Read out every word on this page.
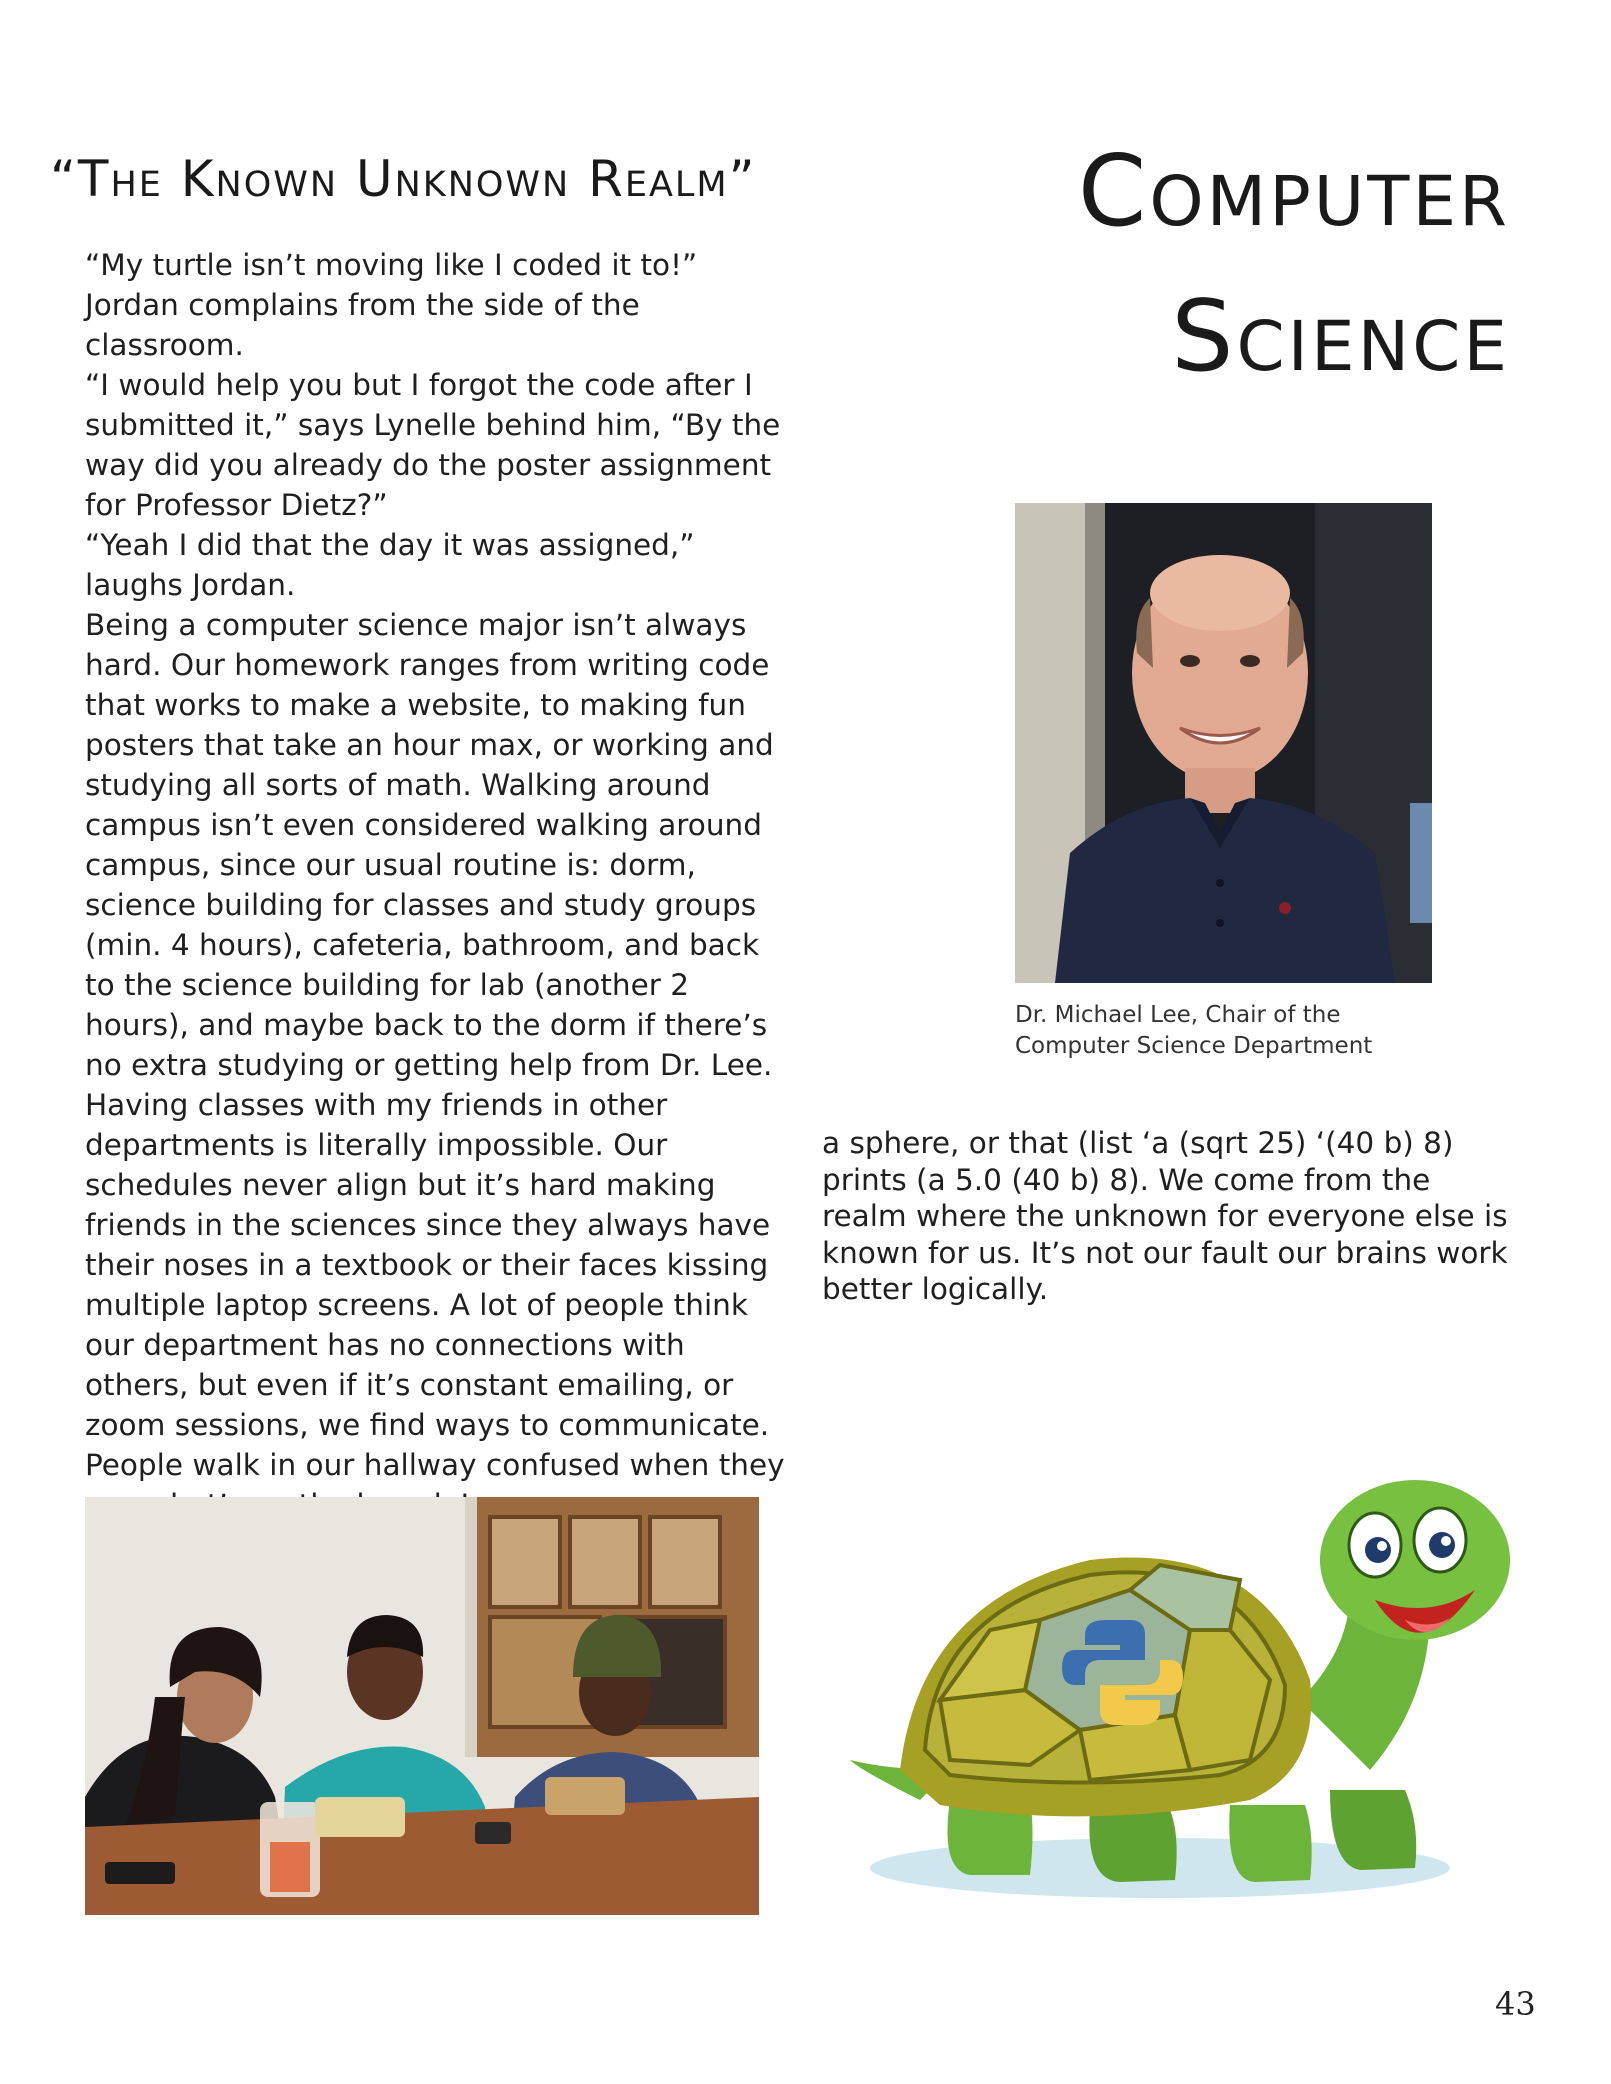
“The Known Unknown Realm”	Computer
Science

“My turtle isn’t moving like I coded it to!” Jordan complains from the side of the classroom.

“I would help you but I forgot the code after I submitted it,” says Lynelle behind him, “By the way did you already do the poster assignment for Professor Dietz?”

“Yeah I did that the day it was assigned,” laughs Jordan.

Being a computer science major isn’t always hard. Our homework ranges from writing code that works to make a website, to making fun posters that take an hour max, or working and studying all sorts of math. Walking around campus isn’t even considered walking around campus, since our usual routine is: dorm, science building for classes and study groups (min. 4 hours), cafeteria, bathroom, and back to the science building for lab (another 2 hours), and maybe back to the dorm if there’s no extra studying or getting help from Dr. Lee. Having classes with my friends in other departments is literally impossible. Our schedules never align but it’s hard making friends in the sciences since they always have their noses in a textbook or their faces kissing multiple laptop screens. A lot of people think our department has no connections with others, but even if it’s constant emailing, or zoom sessions, we find ways to communicate. People walk in our hallway confused when they

a sphere, or that (list ‘a (sqrt 25) ‘(40 b) 8) prints (a 5.0 (40 b) 8). We come from the realm where the unknown for everyone else is known for us. It’s not our fault our brains work better logically.

Dr. Michael Lee, Chair of the
Computer Science Department
43
